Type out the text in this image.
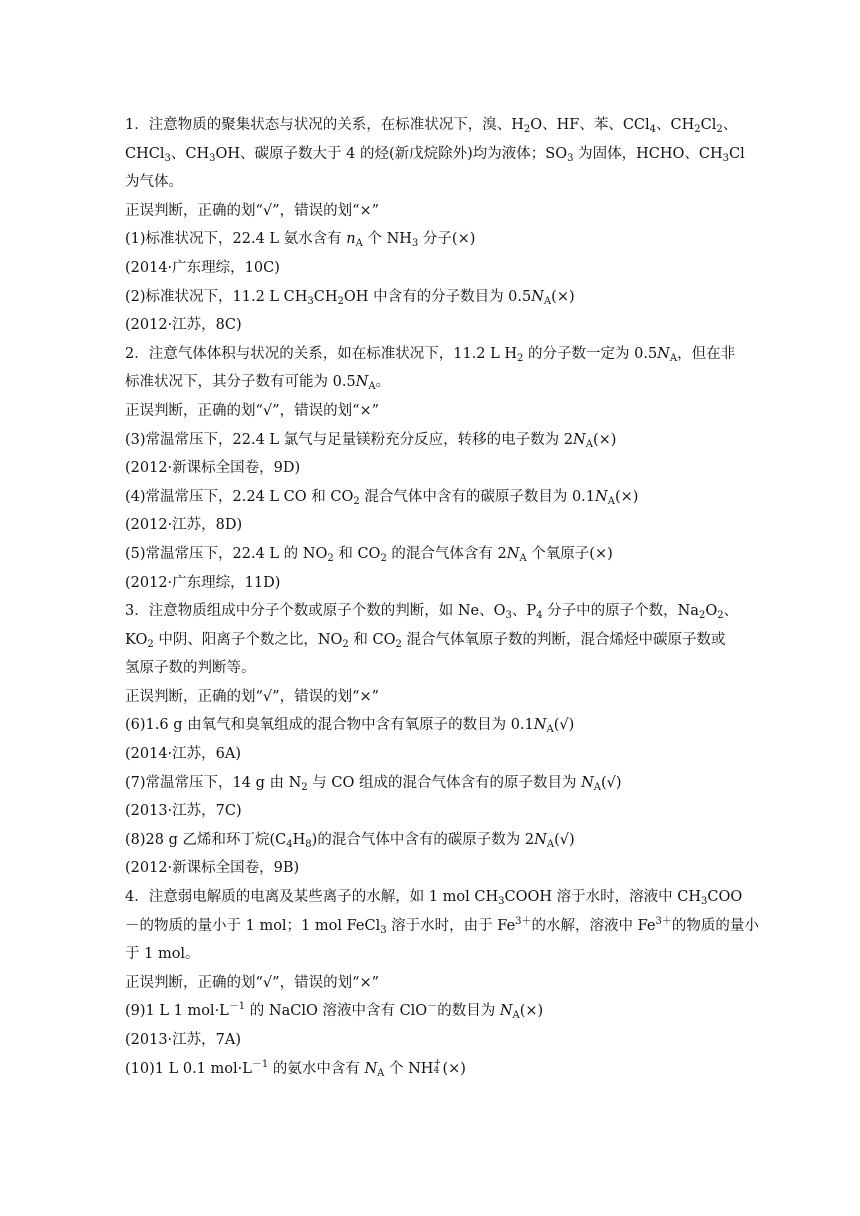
1．注意物质的聚集状态与状况的关系，在标准状况下，溴、$H_2O$、HF、苯、CCl$_4$、$CH_2Cl_2$、
CHCl$_3$、$CH_3OH$、碳原子数大于 4 的烃(新戊烷除外)均为液体；$SO_3$ 为固体，HCHO、$CH_3Cl$
为气体。
正误判断，正确的划“√”，错误的划“×”
(1)标准状况下，22.4 L 氨水含有 $n_A$ 个 $NH_3$ 分子(×)
(2014·广东理综，10C)
(2)标准状况下，11.2 L $CH_3CH_2OH$ 中含有的分子数目为 $0.5N_A(\times)$
(2012·江苏，8C)
2．注意气体体积与状况的关系，如在标准状况下，11.2 L $H_2$ 的分子数一定为 $0.5N_A$，但在非
标准状况下，其分子数有可能为 $0.5N_A$。
正误判断，正确的划“√”，错误的划“×”
(3)常温常压下，22.4 L 氯气与足量镁粉充分反应，转移的电子数为 $2N_A(\times)$
(2012·新课标全国卷，9D)
(4)常温常压下，2.24 L CO 和 $CO_2$ 混合气体中含有的碳原子数目为 $0.1N_A(\times)$
(2012·江苏，8D)
(5)常温常压下，22.4 L 的 $NO_2$ 和 $CO_2$ 的混合气体含有 $2N_A$ 个氧原子(×)
(2012·广东理综，11D)
3．注意物质组成中分子个数或原子个数的判断，如 Ne、$O_3$、$P_4$ 分子中的原子个数，$Na_2O_2$、
$KO_2$ 中阴、阳离子个数之比，$NO_2$ 和 $CO_2$ 混合气体氧原子数的判断，混合烯烃中碳原子数或
氢原子数的判断等。
正误判断，正确的划“√”，错误的划“×”
(6)1.6 g 由氧气和臭氧组成的混合物中含有氧原子的数目为 $0.1N_A(√)$
(2014·江苏，6A)
(7)常温常压下，14 g 由 $N_2$ 与 CO 组成的混合气体含有的原子数目为 $N_A(√)$
(2013·江苏，7C)
(8)28 g 乙烯和环丁烷$(C_4H_8)$的混合气体中含有的碳原子数为 $2N_A(√)$
(2012·新课标全国卷，9B)
4．注意弱电解质的电离及某些离子的水解，如 1 mol $CH_3COOH$ 溶于水时，溶液中 $CH_3COO$
－的物质的量小于 1 mol；1 mol FeCl$_3$ 溶于水时，由于 $Fe^{3+}$的水解，溶液中 $Fe^{3+}$的物质的量小
于 1 mol。
正误判断，正确的划“√”，错误的划“×”
(9)1 L 1 $mol\cdot L^{-1}$ 的 NaClO 溶液中含有 ClO－的数目为 $N_A(\times)$
(2013·江苏，7A)
(10)1 L 0.1 $mol\cdot L^{-1}$ 的氨水中含有 $N_A$ 个 NH +
4 (×)
